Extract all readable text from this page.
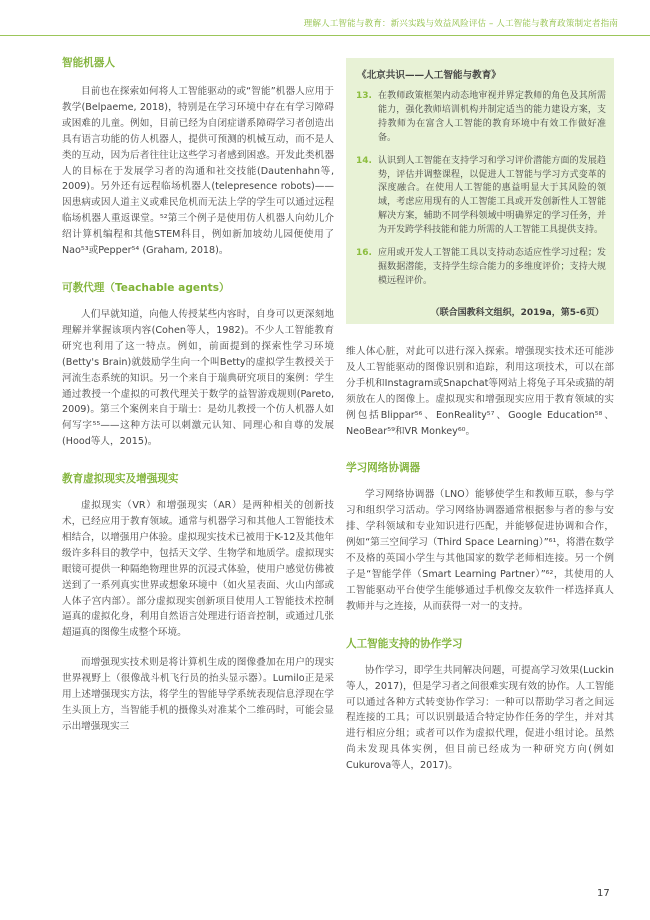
理解人工智能与教育：新兴实践与效益风险评估 – 人工智能与教育政策制定者指南
智能机器人

目前也在探索如何将人工智能驱动的或“智能”机器人应用于教学(Belpaeme, 2018)，特别是在学习环境中存在有学习障碍或困难的儿童。例如，目前已经为自闭症谱系障碍学习者创造出具有语言功能的仿人机器人，提供可预测的机械互动，而不是人类的互动，因为后者往往让这些学习者感到困惑。开发此类机器人的目标在于发展学习者的沟通和社交技能(Dautenhahn等, 2009)。另外还有远程临场机器人(telepresence robots)——因患病或因人道主义或难民危机而无法上学的学生可以通过远程临场机器人重返课堂。⁵²第三个例子是使用仿人机器人向幼儿介绍计算机编程和其他STEM科目，例如新加坡幼儿园便使用了Nao⁵³或Pepper⁵⁴ (Graham, 2018)。

可教代理（Teachable agents）

人们早就知道，向他人传授某些内容时，自身可以更深刻地理解并掌握该项内容(Cohen等人，1982)。不少人工智能教育研究也利用了这一特点。例如，前面提到的探索性学习环境(Betty's Brain)就鼓励学生向一个叫Betty的虚拟学生教授关于河流生态系统的知识。另一个来自于瑞典研究项目的案例：学生通过教授一个虚拟的可教代理关于数学的益智游戏规则(Pareto, 2009)。第三个案例来自于瑞士：是幼儿教授一个仿人机器人如何写字⁵⁵——这种方法可以刺激元认知、同理心和自尊的发展(Hood等人，2015)。

教育虚拟现实及增强现实

虚拟现实（VR）和增强现实（AR）是两种相关的创新技术，已经应用于教育领域。通常与机器学习和其他人工智能技术相结合，以增强用户体验。虚拟现实技术已被用于K-12及其他年级许多科目的教学中，包括天文学、生物学和地质学。虚拟现实眼镜可提供一种隔绝物理世界的沉浸式体验，使用户感觉仿佛被送到了一系列真实世界或想象环境中（如火星表面、火山内部或人体子宫内部）。部分虚拟现实创新项目使用人工智能技术控制逼真的虚拟化身，利用自然语言处理进行语音控制，或通过几张超逼真的图像生成整个环境。

而增强现实技术则是将计算机生成的图像叠加在用户的现实世界视野上（很像战斗机飞行员的抬头显示器）。Lumilo正是采用上述增强现实方法，将学生的智能导学系统表现信息浮现在学生头顶上方，当智能手机的摄像头对准某个二维码时，可能会显示出增强现实三

《北京共识——人工智能与教育》
13. 在教师政策框架内动态地审视并界定教师的角色及其所需能力，强化教师培训机构并制定适当的能力建设方案，支持教师为在富含人工智能的教育环境中有效工作做好准备。
14. 认识到人工智能在支持学习和学习评价潜能方面的发展趋势，评估并调整课程，以促进人工智能与学习方式变革的深度融合。在使用人工智能的惠益明显大于其风险的领域，考虑应用现有的人工智能工具或开发创新性人工智能解决方案，辅助不同学科领域中明确界定的学习任务，并为开发跨学科技能和能力所需的人工智能工具提供支持。
16. 应用或开发人工智能工具以支持动态适应性学习过程；发掘数据潜能，支持学生综合能力的多维度评价；支持大规模远程评价。
（联合国教科文组织，2019a，第5-6页）

维人体心脏，对此可以进行深入探索。增强现实技术还可能涉及人工智能驱动的图像识别和追踪，利用这项技术，可以在部分手机和Instagram或Snapchat等网站上将兔子耳朵或猫的胡须放在人的图像上。虚拟现实和增强现实应用于教育领域的实例包括Blippar⁵⁶、EonReality⁵⁷、Google Education⁵⁸、NeoBear⁵⁹和VR Monkey⁶⁰。

学习网络协调器

学习网络协调器（LNO）能够使学生和教师互联，参与学习和组织学习活动。学习网络协调器通常根据参与者的参与安排、学科领域和专业知识进行匹配，并能够促进协调和合作，例如“第三空间学习（Third Space Learning）”⁶¹，将潜在数学不及格的英国小学生与其他国家的数学老师相连接。另一个例子是“智能学伴（Smart Learning Partner）”⁶²，其使用的人工智能驱动平台使学生能够通过手机像交友软件一样选择真人教师并与之连接，从而获得一对一的支持。

人工智能支持的协作学习

协作学习，即学生共同解决问题，可提高学习效果(Luckin等人，2017)，但是学习者之间很难实现有效的协作。人工智能可以通过各种方式转变协作学习：一种可以帮助学习者之间远程连接的工具；可以识别最适合特定协作任务的学生，并对其进行相应分组；或者可以作为虚拟代理，促进小组讨论。虽然尚未发现具体实例，但目前已经成为一种研究方向(例如Cukurova等人，2017)。

17
